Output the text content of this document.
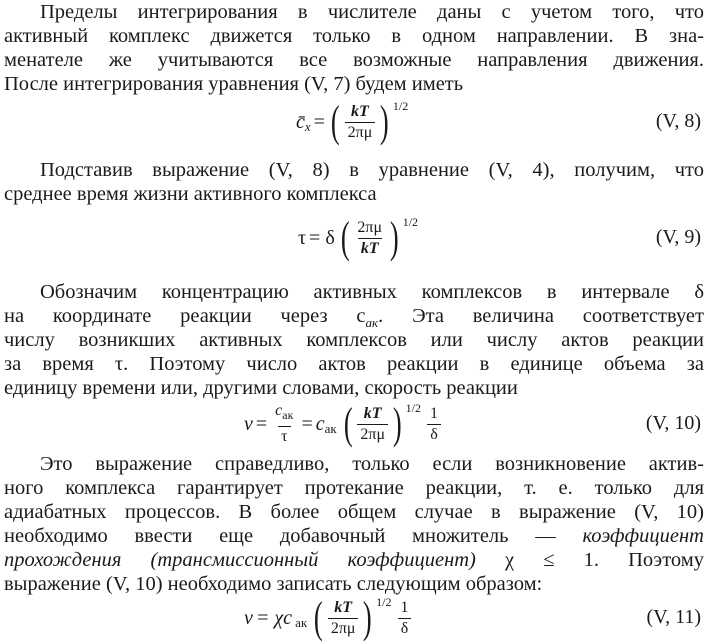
Пределы интегрирования в числителе даны с учетом того, что
активный комплекс движется только в одном направлении. В зна-
менателе же учитываются все возможные направления движения.
После интегрирования уравнения (V, 7) будем иметь
$c̄_x$ = ( $\frac{kT}{2\pi\mu}$ ) 1/2
(V, 8)
Подставив выражение (V, 8) в уравнение (V, 4), получим, что
среднее время жизни активного комплекса
τ = δ ( $\frac{2\pi\mu}{kT}$ ) 1/2
(V, 9)
Обозначим концентрацию активных комплексов в интервале δ
на координате реакции через $c_{ак}$. Эта величина соответствует
числу возникших активных комплексов или числу актов реакции
за время τ. Поэтому число актов реакции в единице объема за
единицу времени или, другими словами, скорость реакции
$v = \frac{c_{ак}}{\tau} = c_{ак}$ ( $\frac{kT}{2\pi\mu}$ ) $1/2 \frac{1}{\delta}$	(V, 10)
Это выражение справедливо, только если возникновение актив-
ного комплекса гарантирует протекание реакции, т. е. только для
адиабатных процессов. В более общем случае в выражение (V, 10)
необходимо ввести еще добавочный множитель — коэффициент
прохождения (трансмиссионный коэффициент) χ ≤ 1. Поэтому
выражение (V, 10) необходимо записать следующим образом:
$v = \chi c_{ак}$ ( $\frac{kT}{2\pi\mu}$ ) $1/2 \frac{1}{\delta}$	(V, 11)
